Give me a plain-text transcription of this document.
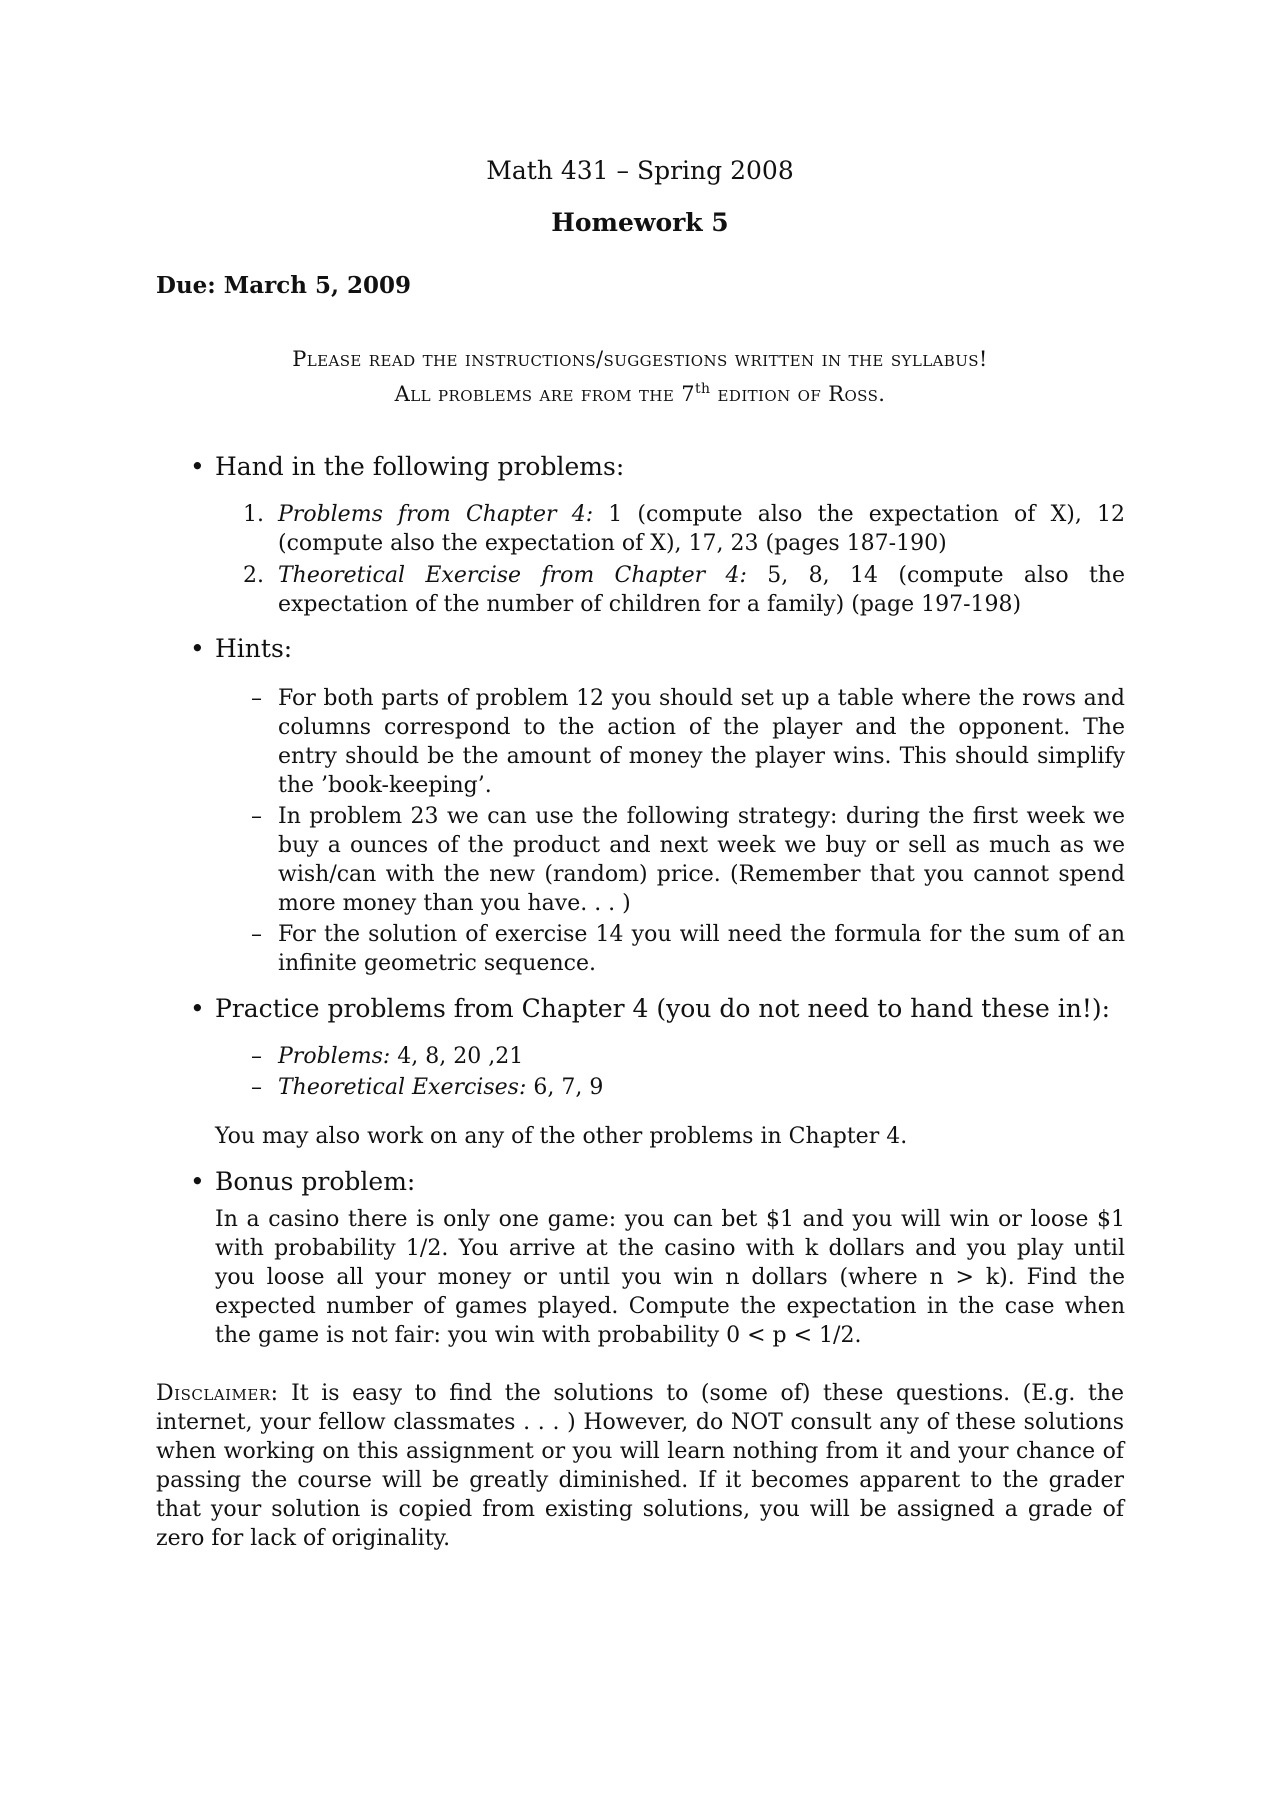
Math 431 – Spring 2008
Homework 5
Due: March 5, 2009
Please read the instructions/suggestions written in the syllabus!
All problems are from the 7th edition of Ross.
• Hand in the following problems:
1. Problems from Chapter 4: 1 (compute also the expectation of X), 12 (compute also the expectation of X), 17, 23 (pages 187-190)
2. Theoretical Exercise from Chapter 4: 5, 8, 14 (compute also the expectation of the number of children for a family) (page 197-198)
• Hints:
– For both parts of problem 12 you should set up a table where the rows and columns correspond to the action of the player and the opponent. The entry should be the amount of money the player wins. This should simplify the ’book-keeping’.
– In problem 23 we can use the following strategy: during the first week we buy a ounces of the product and next week we buy or sell as much as we wish/can with the new (random) price. (Remember that you cannot spend more money than you have. . . )
– For the solution of exercise 14 you will need the formula for the sum of an infinite geometric sequence.
• Practice problems from Chapter 4 (you do not need to hand these in!):
– Problems: 4, 8, 20 ,21
– Theoretical Exercises: 6, 7, 9
You may also work on any of the other problems in Chapter 4.
• Bonus problem:
In a casino there is only one game: you can bet $1 and you will win or loose $1 with probability 1/2. You arrive at the casino with k dollars and you play until you loose all your money or until you win n dollars (where n > k). Find the expected number of games played. Compute the expectation in the case when the game is not fair: you win with probability 0 < p < 1/2.
Disclaimer: It is easy to find the solutions to (some of) these questions. (E.g. the internet, your fellow classmates . . . ) However, do NOT consult any of these solutions when working on this assignment or you will learn nothing from it and your chance of passing the course will be greatly diminished. If it becomes apparent to the grader that your solution is copied from existing solutions, you will be assigned a grade of zero for lack of originality.
